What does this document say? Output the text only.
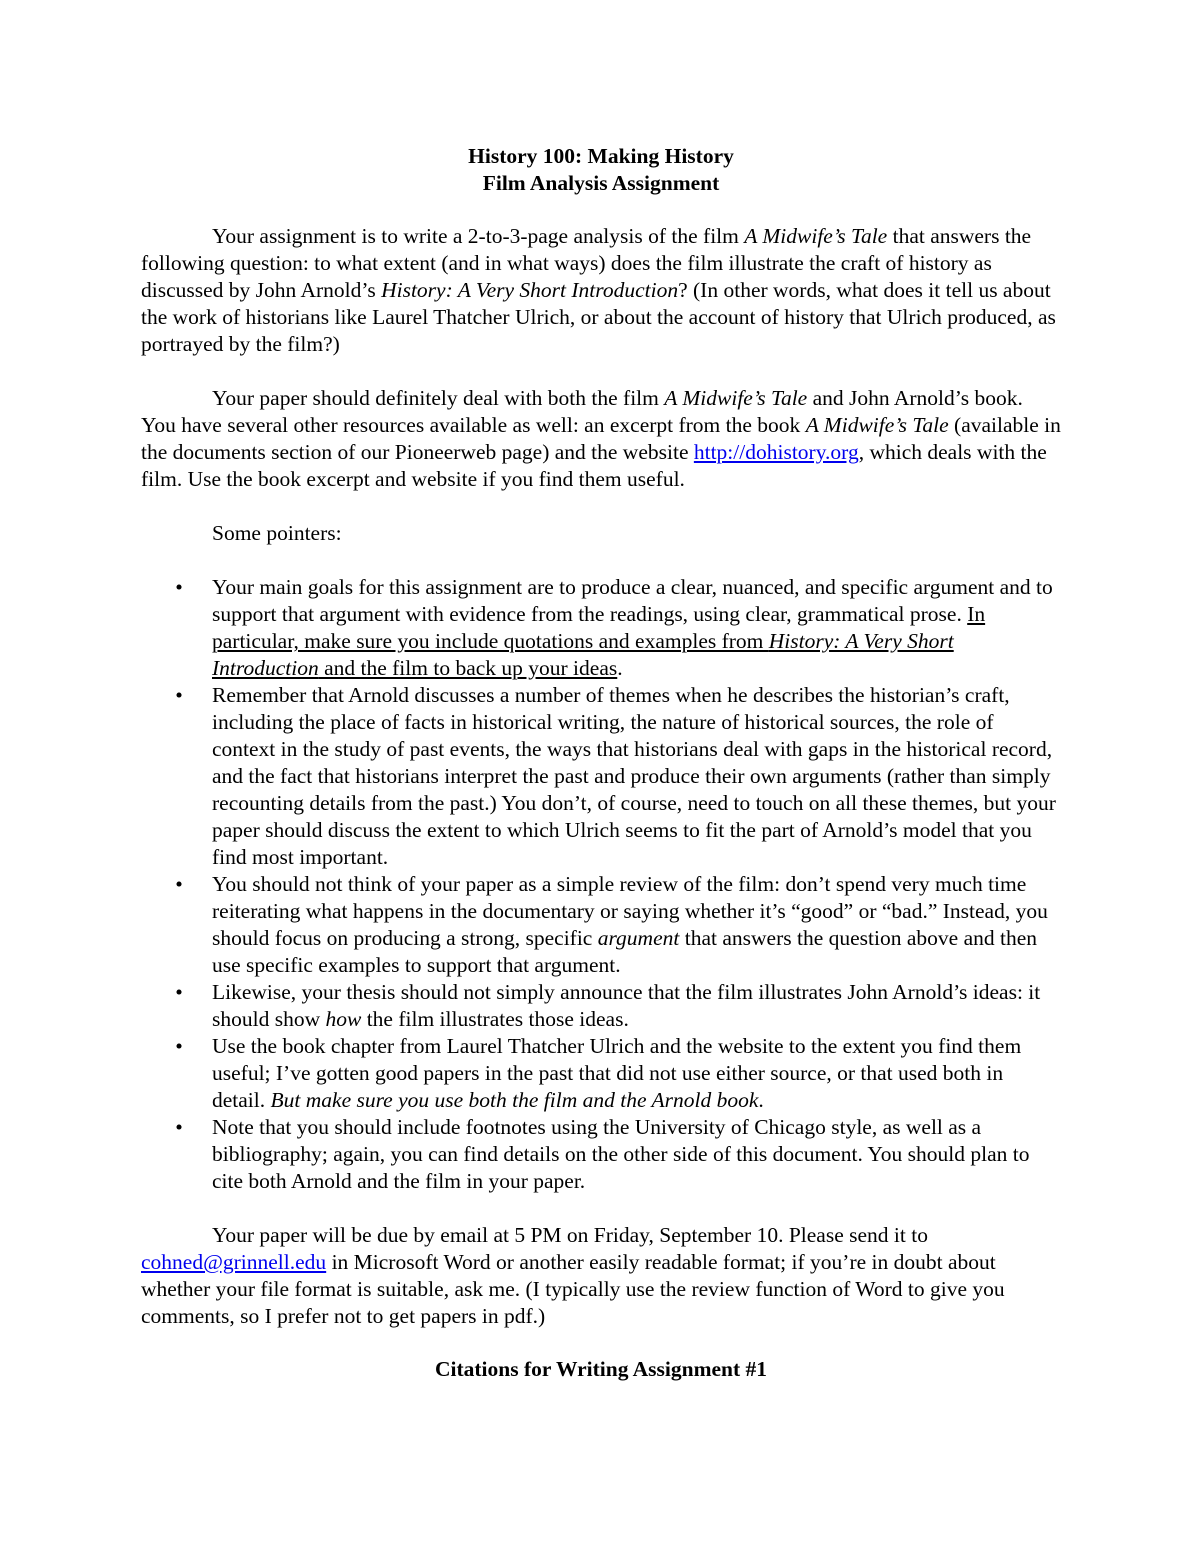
History 100: Making History

Film Analysis Assignment

Your assignment is to write a 2-to-3-page analysis of the film A Midwife’s Tale that answers the following question: to what extent (and in what ways) does the film illustrate the craft of history as discussed by John Arnold’s History: A Very Short Introduction? (In other words, what does it tell us about the work of historians like Laurel Thatcher Ulrich, or about the account of history that Ulrich produced, as portrayed by the film?)

Your paper should definitely deal with both the film A Midwife’s Tale and John Arnold’s book. You have several other resources available as well: an excerpt from the book A Midwife’s Tale (available in the documents section of our Pioneerweb page) and the website http://dohistory.org, which deals with the film. Use the book excerpt and website if you find them useful.

Some pointers:

• Your main goals for this assignment are to produce a clear, nuanced, and specific argument and to support that argument with evidence from the readings, using clear, grammatical prose. In particular, make sure you include quotations and examples from History: A Very Short Introduction and the film to back up your ideas.
• Remember that Arnold discusses a number of themes when he describes the historian’s craft, including the place of facts in historical writing, the nature of historical sources, the role of context in the study of past events, the ways that historians deal with gaps in the historical record, and the fact that historians interpret the past and produce their own arguments (rather than simply recounting details from the past.) You don’t, of course, need to touch on all these themes, but your paper should discuss the extent to which Ulrich seems to fit the part of Arnold’s model that you find most important.
• You should not think of your paper as a simple review of the film: don’t spend very much time reiterating what happens in the documentary or saying whether it’s “good” or “bad.” Instead, you should focus on producing a strong, specific argument that answers the question above and then use specific examples to support that argument.
• Likewise, your thesis should not simply announce that the film illustrates John Arnold’s ideas: it should show how the film illustrates those ideas.
• Use the book chapter from Laurel Thatcher Ulrich and the website to the extent you find them useful; I’ve gotten good papers in the past that did not use either source, or that used both in detail. But make sure you use both the film and the Arnold book.
• Note that you should include footnotes using the University of Chicago style, as well as a bibliography; again, you can find details on the other side of this document. You should plan to cite both Arnold and the film in your paper.

Your paper will be due by email at 5 PM on Friday, September 10. Please send it to cohned@grinnell.edu in Microsoft Word or another easily readable format; if you’re in doubt about whether your file format is suitable, ask me. (I typically use the review function of Word to give you comments, so I prefer not to get papers in pdf.)

Citations for Writing Assignment #1
